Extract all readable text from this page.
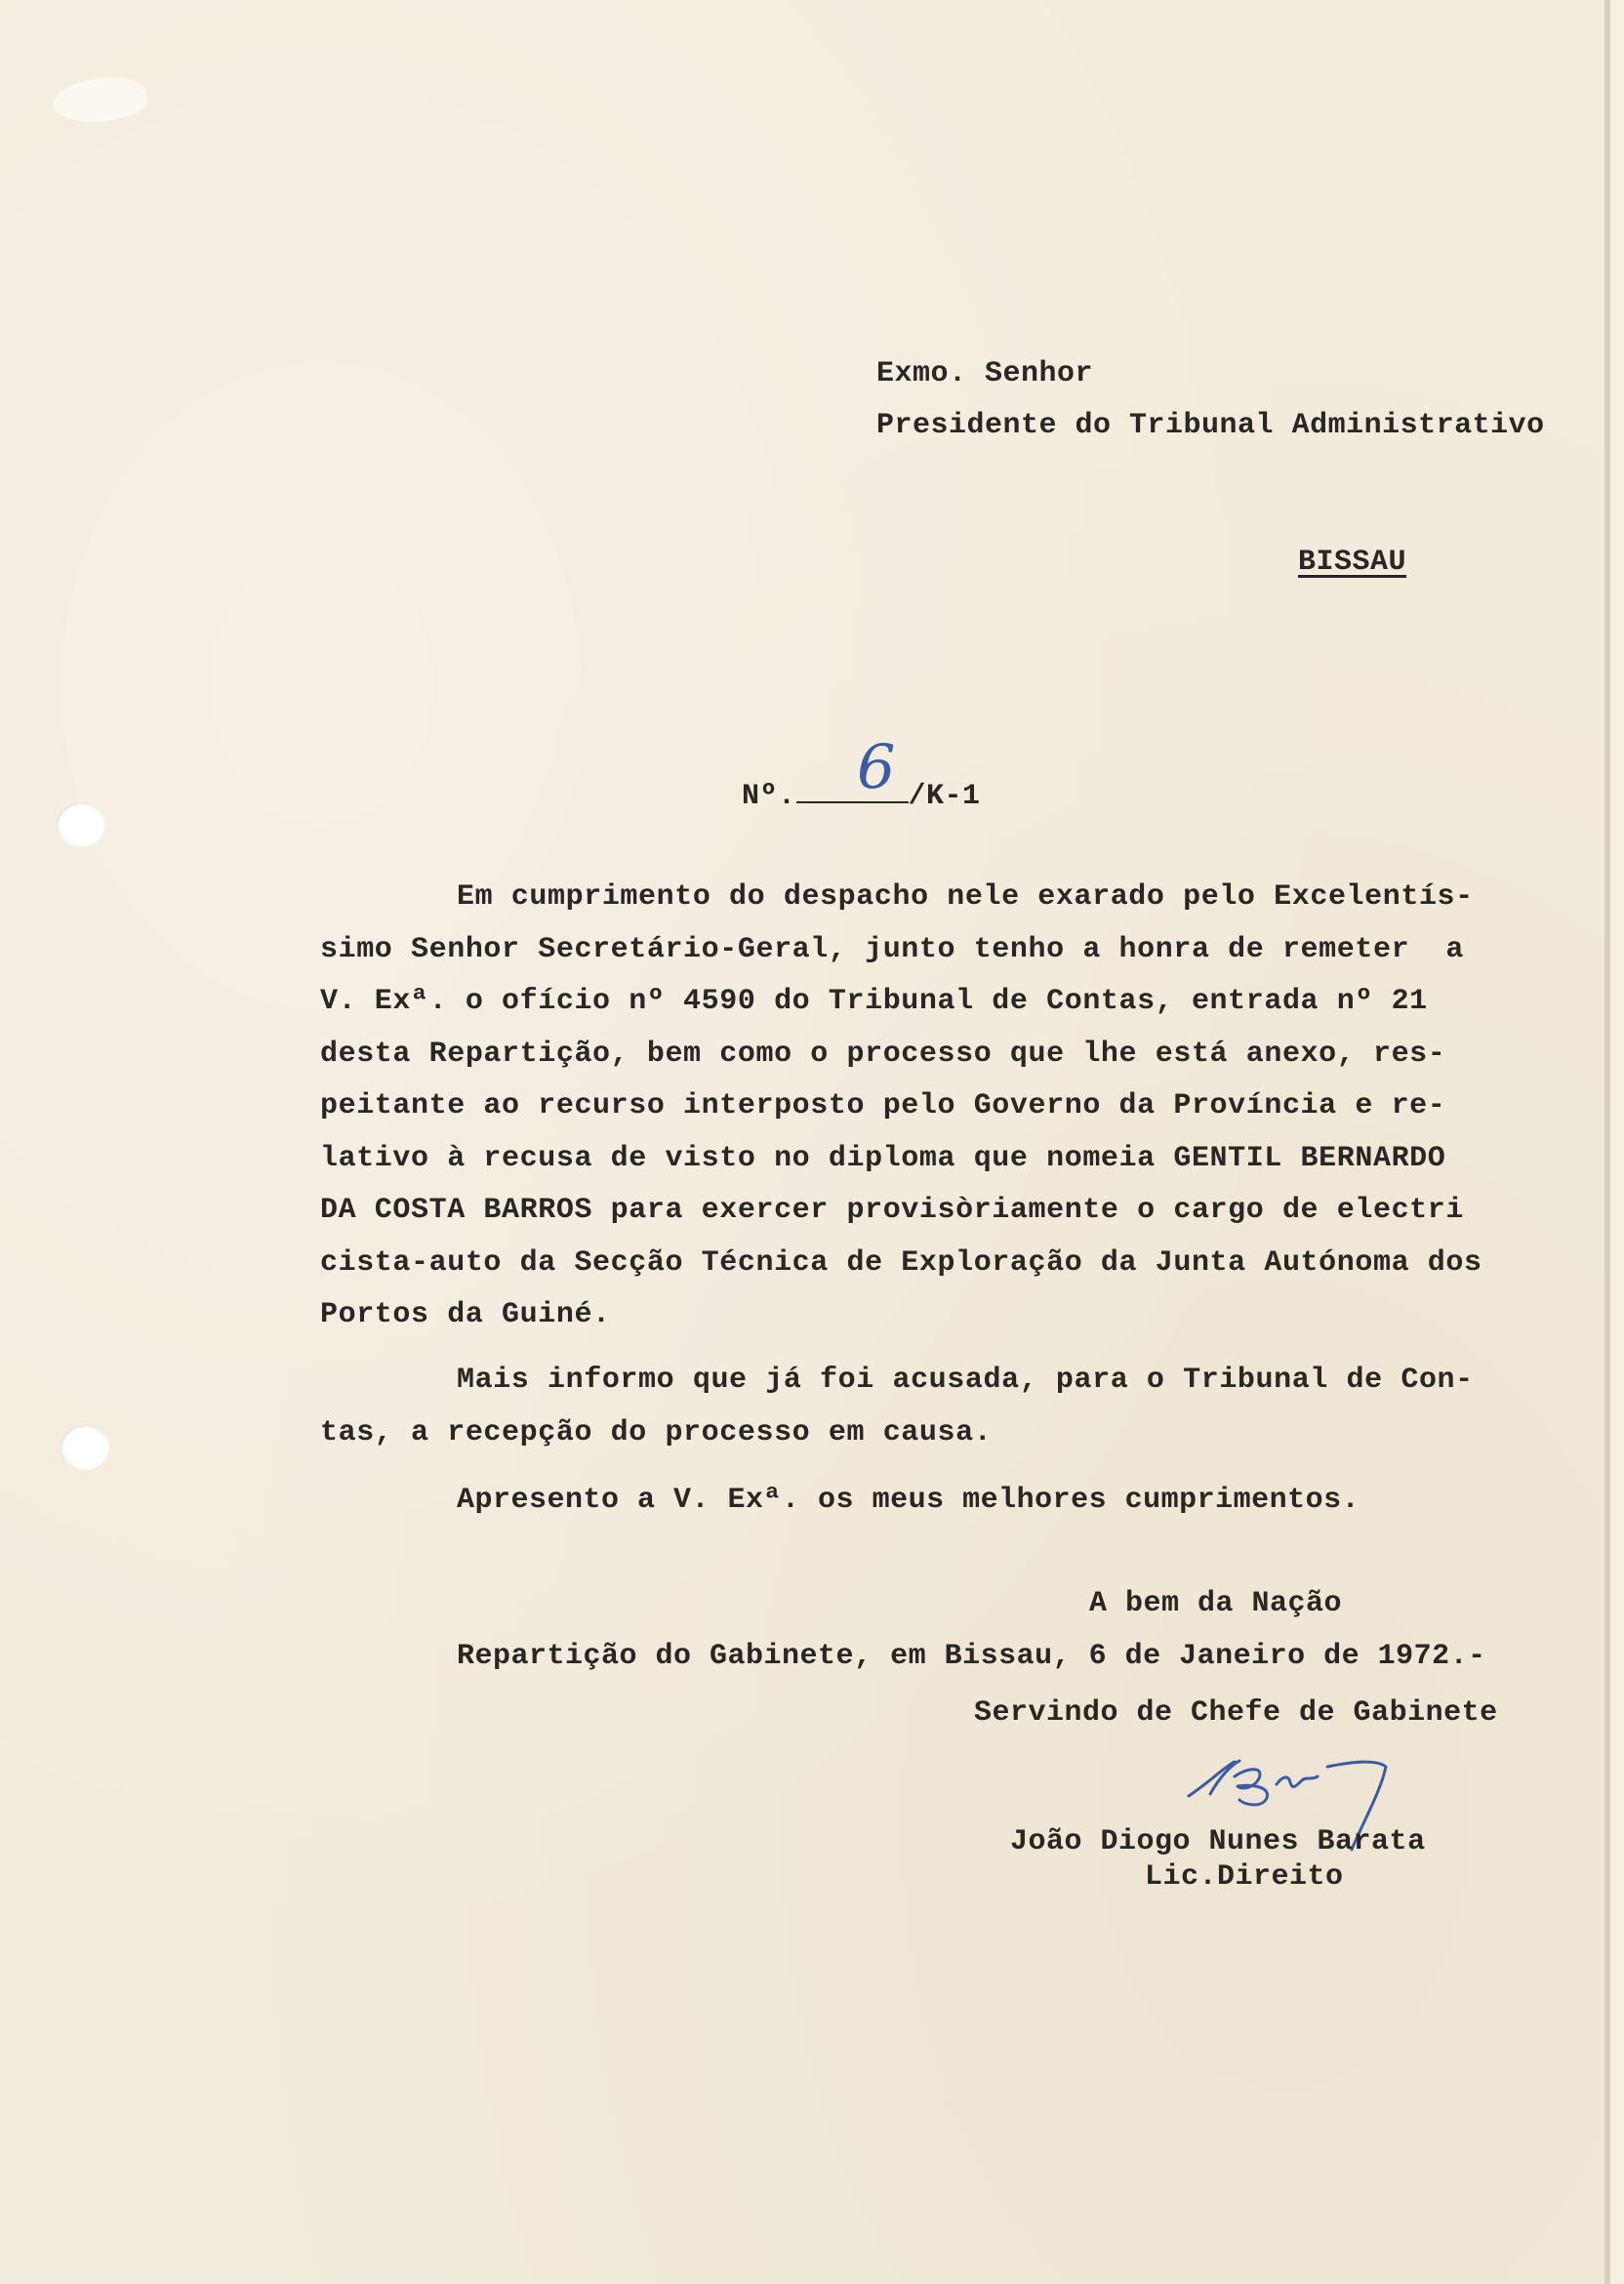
Exmo. Senhor
Presidente do Tribunal Administrativo
BISSAU
Nº.	/K-1
6
Em cumprimento do despacho nele exarado pelo Excelentís-
simo Senhor Secretário-Geral, junto tenho a honra de remeter  a
V. Exª. o ofício nº 4590 do Tribunal de Contas, entrada nº 21
desta Repartição, bem como o processo que lhe está anexo, res-
peitante ao recurso interposto pelo Governo da Província e re-
lativo à recusa de visto no diploma que nomeia GENTIL BERNARDO
DA COSTA BARROS para exercer provisòriamente o cargo de electri
cista-auto da Secção Técnica de Exploração da Junta Autónoma dos
Portos da Guiné.
Mais informo que já foi acusada, para o Tribunal de Con-
tas, a recepção do processo em causa.
Apresento a V. Exª. os meus melhores cumprimentos.
A bem da Nação
Repartição do Gabinete, em Bissau, 6 de Janeiro de 1972.-
Servindo de Chefe de Gabinete
João Diogo Nunes Barata
Lic.Direito
